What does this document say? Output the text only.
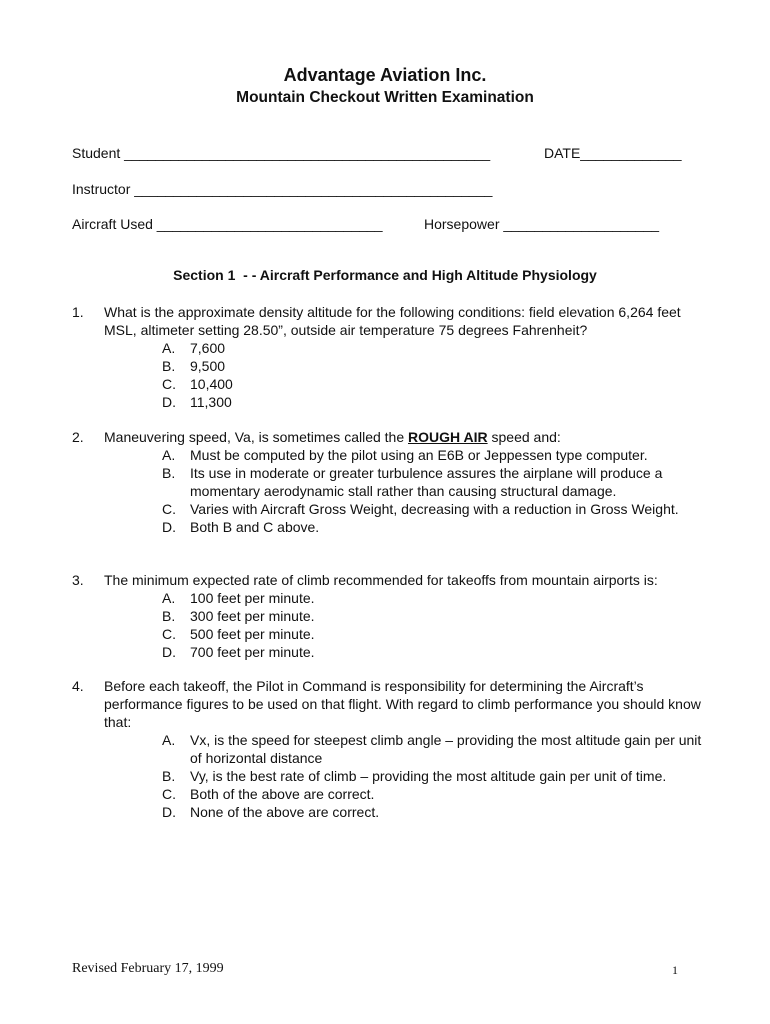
Advantage Aviation Inc.
Mountain Checkout Written Examination
Student _______________________________________________	DATE_____________
Instructor ______________________________________________
Aircraft Used _____________________________	Horsepower ____________________
Section 1  - - Aircraft Performance and High Altitude Physiology
1. What is the approximate density altitude for the following conditions: field elevation 6,264 feet MSL, altimeter setting 28.50”, outside air temperature 75 degrees Fahrenheit?
A. 7,600
B. 9,500
C. 10,400
D. 11,300
2. Maneuvering speed, Va, is sometimes called the ROUGH AIR speed and:
A. Must be computed by the pilot using an E6B or Jeppessen type computer.
B. Its use in moderate or greater turbulence assures the airplane will produce a momentary aerodynamic stall rather than causing structural damage.
C. Varies with Aircraft Gross Weight, decreasing with a reduction in Gross Weight.
D. Both B and C above.
3. The minimum expected rate of climb recommended for takeoffs from mountain airports is:
A. 100 feet per minute.
B. 300 feet per minute.
C. 500 feet per minute.
D. 700 feet per minute.
4. Before each takeoff, the Pilot in Command is responsibility for determining the Aircraft’s performance figures to be used on that flight. With regard to climb performance you should know that:
A. Vx, is the speed for steepest climb angle – providing the most altitude gain per unit of horizontal distance
B. Vy, is the best rate of climb – providing the most altitude gain per unit of time.
C. Both of the above are correct.
D. None of the above are correct.
Revised February 17, 1999	1
